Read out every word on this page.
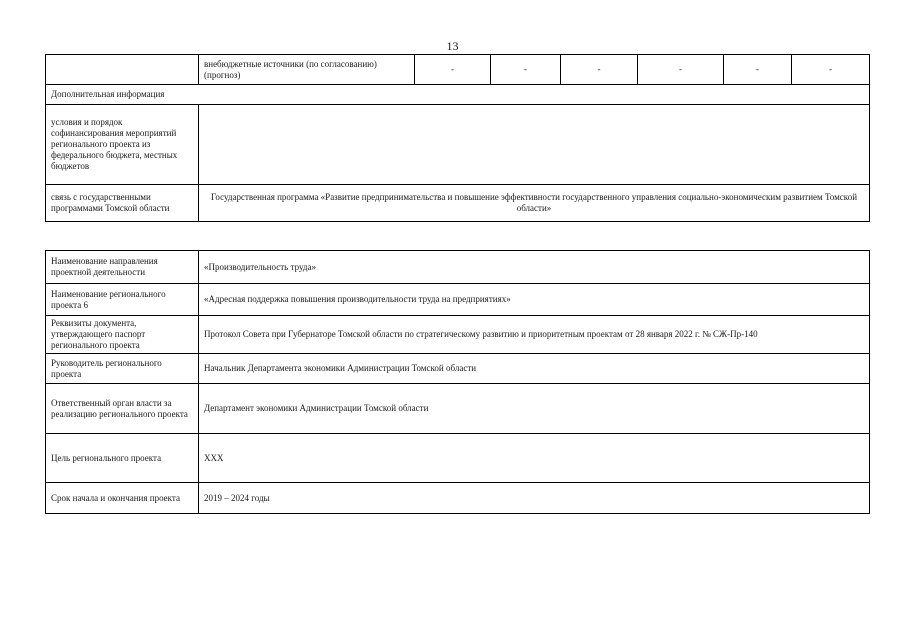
13
	внебюджетные источники (по согласованию) (прогноз)	-	-	-	-	-	-
Дополнительная информация							
условия и порядок софинансирования мероприятий регионального проекта из федерального бюджета, местных бюджетов							
связь с государственными программами Томской области	Государственная программа «Развитие предпринимательства и повышение эффективности государственного управления социально-экономическим развитием Томской области»						
Наименование направления проектной деятельности	«Производительность труда»
Наименование регионального проекта 6	«Адресная поддержка повышения производительности труда на предприятиях»
Реквизиты документа, утверждающего паспорт регионального проекта	Протокол Совета при Губернаторе Томской области по стратегическому развитию и приоритетным проектам от 28 января 2022 г. № СЖ-Пр-140
Руководитель регионального проекта	Начальник Департамента экономики Администрации Томской области
Ответственный орган власти за реализацию регионального проекта	Департамент экономики Администрации Томской области
Цель регионального проекта	XXX
Срок начала и окончания проекта	2019 – 2024 годы
